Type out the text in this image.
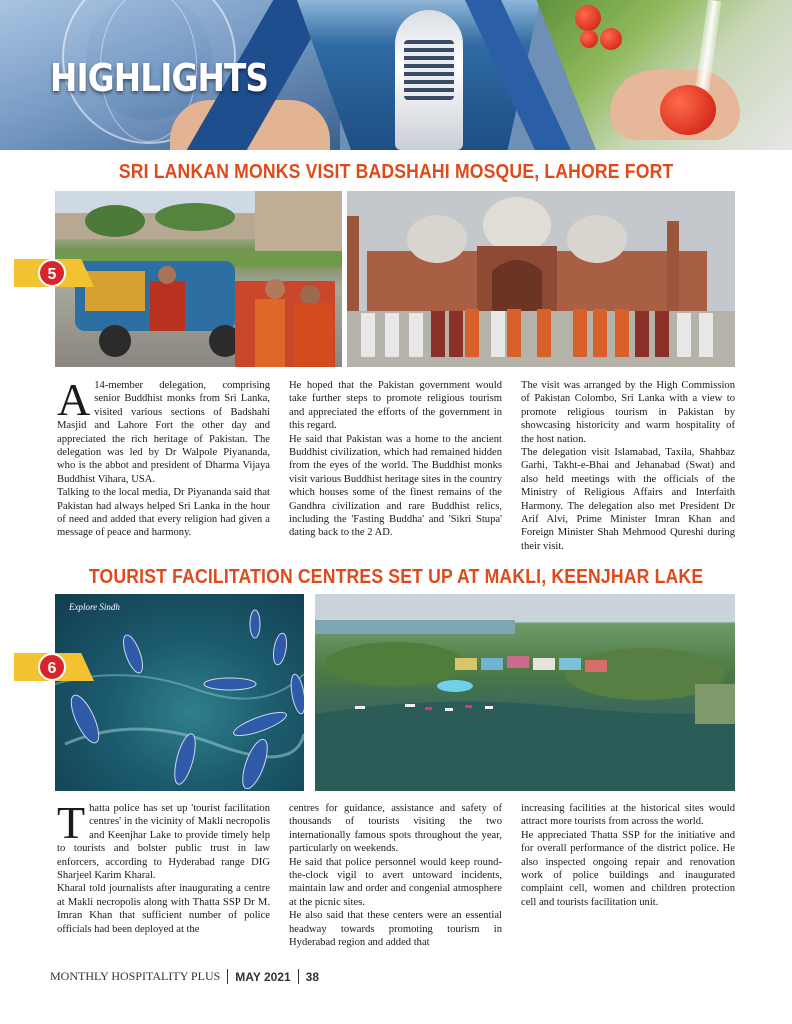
HIGHLIGHTS
SRI LANKAN MONKS VISIT BADSHAHI MOSQUE, LAHORE FORT
5
A 14-member delegation, comprising senior Buddhist monks from Sri Lanka, visited various sections of Badshahi Masjid and Lahore Fort the other day and appreciated the rich heritage of Pakistan. The delegation was led by Dr Walpole Piyananda, who is the abbot and president of Dharma Vijaya Buddhist Vihara, USA.

Talking to the local media, Dr Piyananda said that Pakistan had always helped Sri Lanka in the hour of need and added that every religion had given a message of peace and harmony.

He hoped that the Pakistan government would take further steps to promote religious tourism and appreciated the efforts of the government in this regard.

He said that Pakistan was a home to the ancient Buddhist civilization, which had remained hidden from the eyes of the world. The Buddhist monks visit various Buddhist heritage sites in the country which houses some of the finest remains of the Gandhra civilization and rare Buddhist relics, including the 'Fasting Buddha' and 'Sikri Stupa' dating back to the 2 AD.

The visit was arranged by the High Commission of Pakistan Colombo, Sri Lanka with a view to promote religious tourism in Pakistan by showcasing historicity and warm hospitality of the host nation.

The delegation visit Islamabad, Taxila, Shahbaz Garhi, Takht-e-Bhai and Jehanabad (Swat) and also held meetings with the officials of the Ministry of Religious Affairs and Interfaith Harmony. The delegation also met President Dr Arif Alvi, Prime Minister Imran Khan and Foreign Minister Shah Mehmood Qureshi during their visit.

TOURIST FACILITATION CENTRES SET UP AT MAKLI, KEENJHAR LAKE
Explore Sindh
6
T hatta police has set up 'tourist facilitation centres' in the vicinity of Makli necropolis and Keenjhar Lake to provide timely help to tourists and bolster public trust in law enforcers, according to Hyderabad range DIG Sharjeel Karim Kharal.

Kharal told journalists after inaugurating a centre at Makli necropolis along with Thatta SSP Dr M. Imran Khan that sufficient number of police officials had been deployed at the

centres for guidance, assistance and safety of thousands of tourists visiting the two internationally famous spots throughout the year, particularly on weekends.

He said that police personnel would keep round-the-clock vigil to avert untoward incidents, maintain law and order and congenial atmosphere at the picnic sites.

He also said that these centers were an essential headway towards promoting tourism in Hyderabad region and added that

increasing facilities at the historical sites would attract more tourists from across the world.

He appreciated Thatta SSP for the initiative and for overall performance of the district police. He also inspected ongoing repair and renovation work of police buildings and inaugurated complaint cell, women and children protection cell and tourists facilitation unit.

MONTHLY HOSPITALITY PLUS MAY 2021 38
